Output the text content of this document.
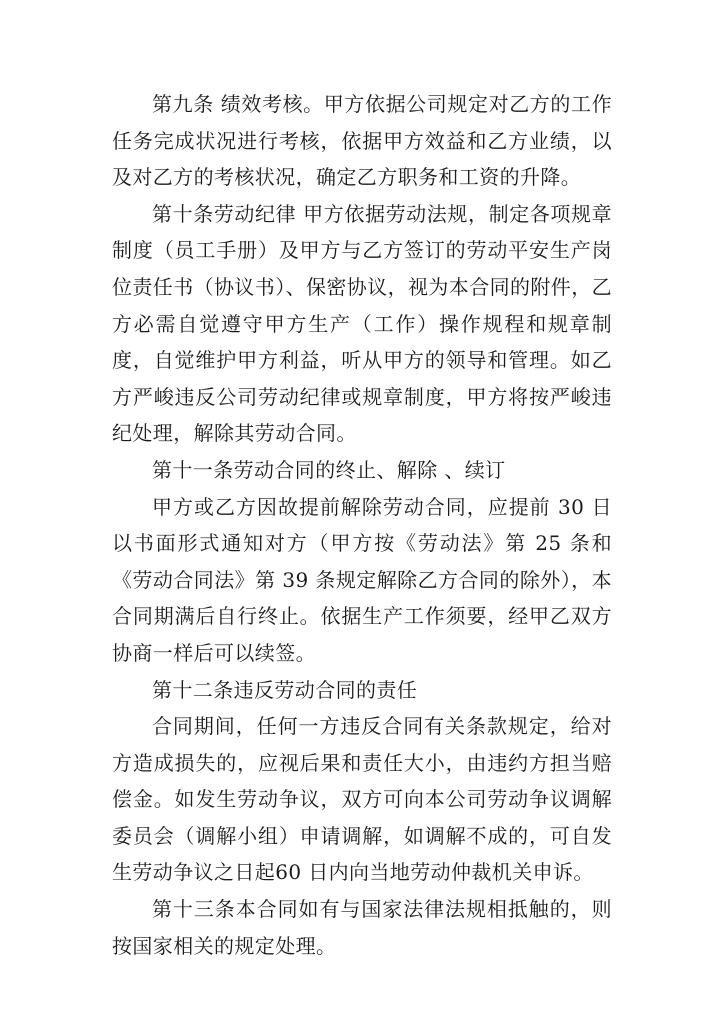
第九条 绩效考核。甲方依据公司规定对乙方的工作任务完成状况进行考核，依据甲方效益和乙方业绩，以及对乙方的考核状况，确定乙方职务和工资的升降。

第十条劳动纪律 甲方依据劳动法规，制定各项规章制度（员工手册）及甲方与乙方签订的劳动平安生产岗位责任书（协议书）、保密协议，视为本合同的附件，乙方必需自觉遵守甲方生产（工作）操作规程和规章制度，自觉维护甲方利益，听从甲方的领导和管理。如乙方严峻违反公司劳动纪律或规章制度，甲方将按严峻违纪处理，解除其劳动合同。

第十一条劳动合同的终止、解除 、续订

甲方或乙方因故提前解除劳动合同，应提前 30 日以书面形式通知对方（甲方按《劳动法》第 25 条和《劳动合同法》第 39 条规定解除乙方合同的除外），本合同期满后自行终止。依据生产工作须要，经甲乙双方协商一样后可以续签。

第十二条违反劳动合同的责任

合同期间，任何一方违反合同有关条款规定，给对方造成损失的，应视后果和责任大小，由违约方担当赔偿金。如发生劳动争议，双方可向本公司劳动争议调解委员会（调解小组）申请调解，如调解不成的，可自发生劳动争议之日起60 日内向当地劳动仲裁机关申诉。

第十三条本合同如有与国家法律法规相抵触的，则按国家相关的规定处理。
